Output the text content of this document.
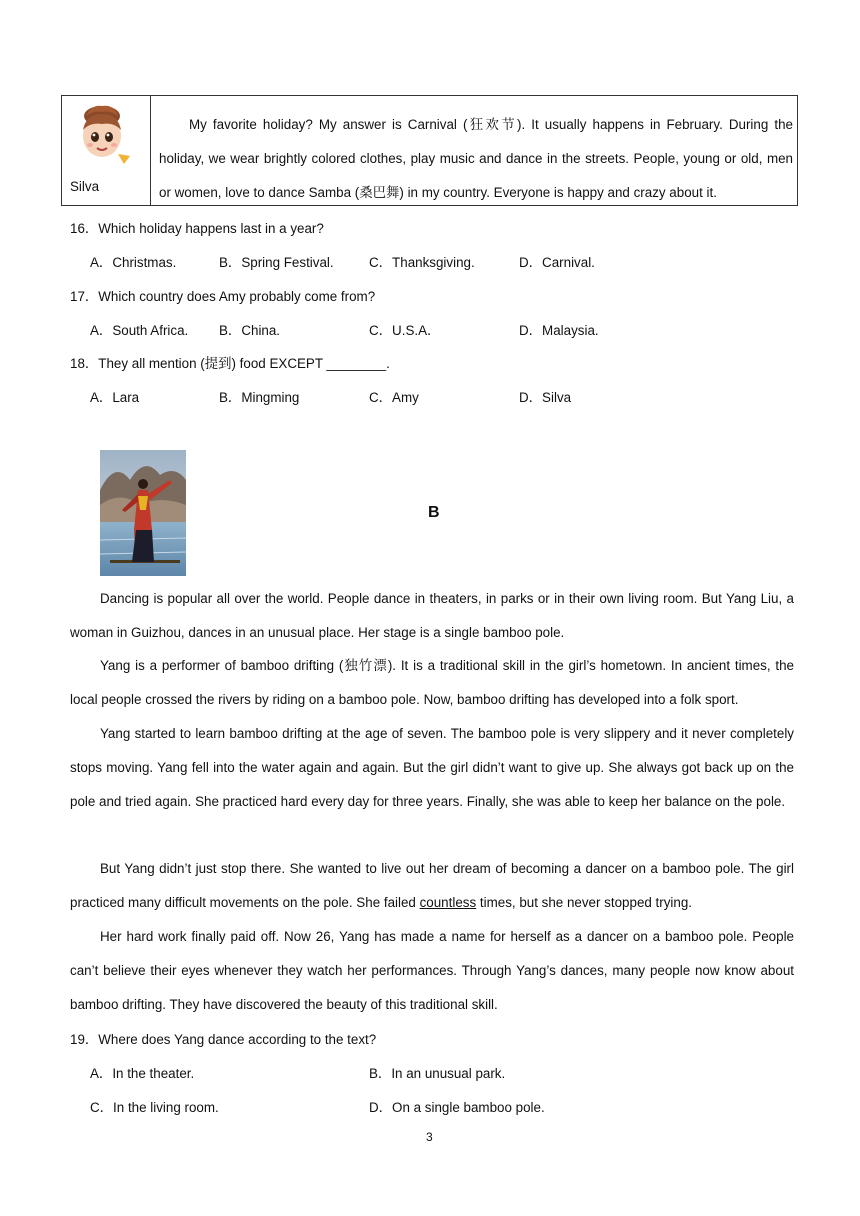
Silva
My favorite holiday? My answer is Carnival (狂欢节). It usually happens in February. During the holiday, we wear brightly colored clothes, play music and dance in the streets. People, young or old, men or women, love to dance Samba (桑巴舞) in my country. Everyone is happy and crazy about it.
16．Which holiday happens last in a year?
A．Christmas.	B．Spring Festival.	C．Thanksgiving.	D．Carnival.
17．Which country does Amy probably come from?
A．South Africa. B．China.	C．U.S.A．	D．Malaysia.
18．They all mention (提到) food EXCEPT ________.
A．Lara	B．Mingming	C．Amy	D．Silva
B
Dancing is popular all over the world. People dance in theaters, in parks or in their own living room. But Yang Liu, a woman in Guizhou, dances in an unusual place. Her stage is a single bamboo pole.
Yang is a performer of bamboo drifting (独竹漂). It is a traditional skill in the girl’s hometown. In ancient times, the local people crossed the rivers by riding on a bamboo pole. Now, bamboo drifting has developed into a folk sport.
Yang started to learn bamboo drifting at the age of seven. The bamboo pole is very slippery and it never completely stops moving. Yang fell into the water again and again. But the girl didn’t want to give up. She always got back up on the pole and tried again. She practiced hard every day for three years. Finally, she was able to keep her balance on the pole.
But Yang didn’t just stop there. She wanted to live out her dream of becoming a dancer on a bamboo pole. The girl practiced many difficult movements on the pole. She failed countless times, but she never stopped trying.
Her hard work finally paid off. Now 26, Yang has made a name for herself as a dancer on a bamboo pole. People can’t believe their eyes whenever they watch her performances. Through Yang’s dances, many people now know about bamboo drifting. They have discovered the beauty of this traditional skill.
19．Where does Yang dance according to the text?
A．In the theater.	B．In an unusual park.
C．In the living room.	D．On a single bamboo pole.
3
